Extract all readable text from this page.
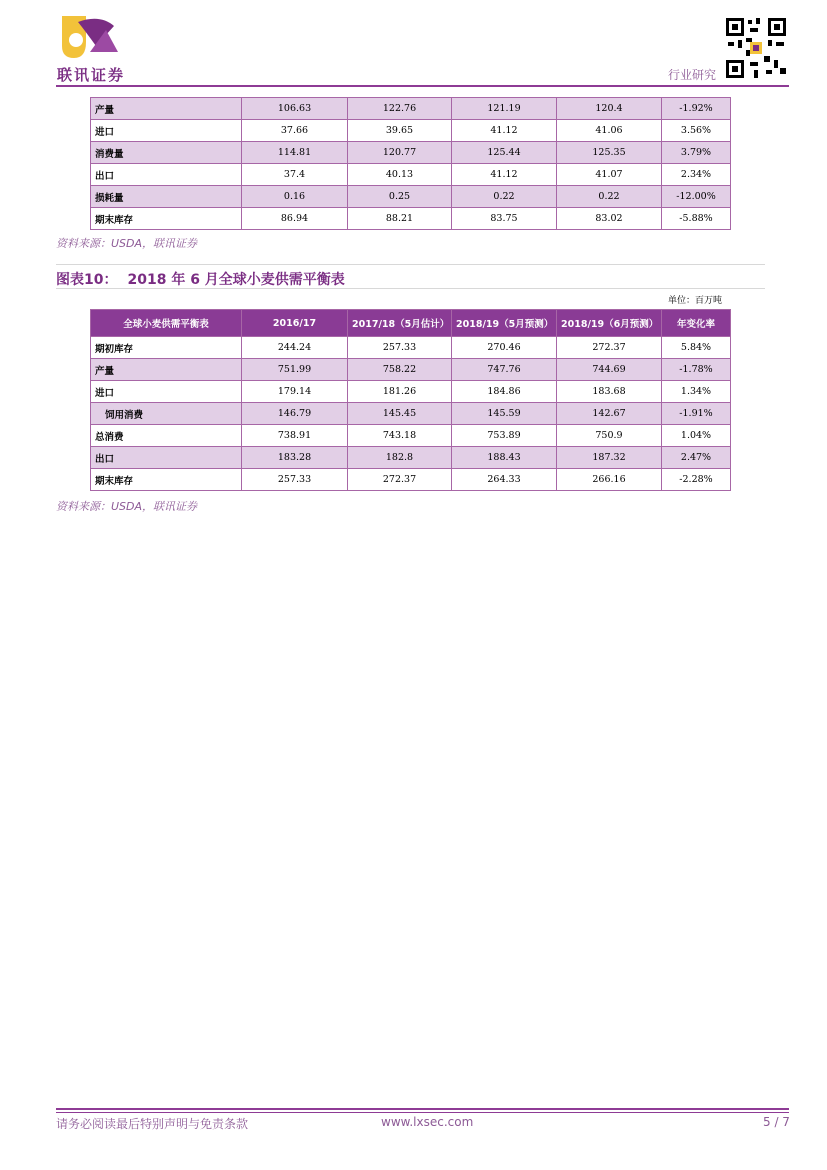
联讯证券	行业研究
产量	106.63	122.76	121.19	120.4	-1.92%
进口	37.66	39.65	41.12	41.06	3.56%
消费量	114.81	120.77	125.44	125.35	3.79%
出口	37.4	40.13	41.12	41.07	2.34%
损耗量	0.16	0.25	0.22	0.22	-12.00%
期末库存	86.94	88.21	83.75	83.02	-5.88%
资料来源：USDA，联讯证券
图表10： 2018 年 6 月全球小麦供需平衡表
单位：百万吨
全球小麦供需平衡表	2016/17	2017/18（5月估计）	2018/19（5月预测）	2018/19（6月预测）	年变化率
期初库存	244.24	257.33	270.46	272.37	5.84%
产量	751.99	758.22	747.76	744.69	-1.78%
进口	179.14	181.26	184.86	183.68	1.34%
饲用消费	146.79	145.45	145.59	142.67	-1.91%
总消费	738.91	743.18	753.89	750.9	1.04%
出口	183.28	182.8	188.43	187.32	2.47%
期末库存	257.33	272.37	264.33	266.16	-2.28%
资料来源：USDA，联讯证券
请务必阅读最后特别声明与免责条款	www.lxsec.com	5 / 7
